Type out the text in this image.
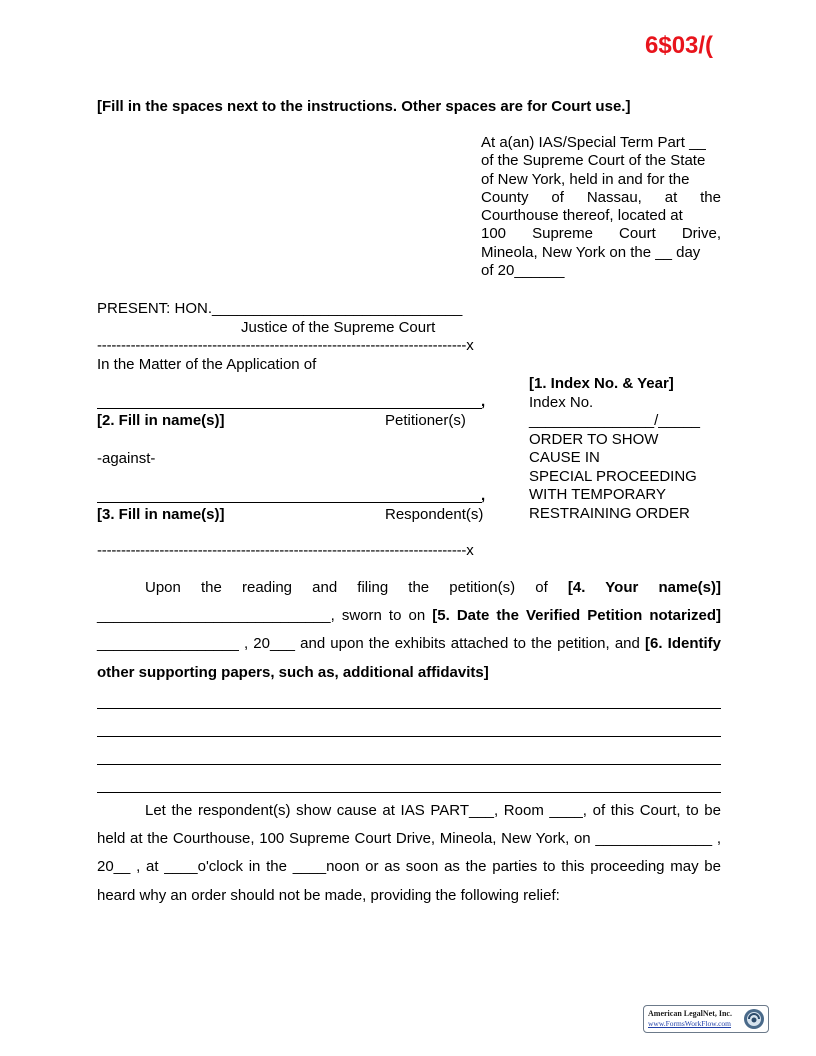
6$03/(
[Fill in the spaces next to the instructions. Other spaces are for Court use.]
At a(an) IAS/Special Term Part __
of the Supreme Court of the State
of New York, held in and for the
County of Nassau, at the
Courthouse thereof, located at
100 Supreme Court Drive,
Mineola, New York on the __ day
of 20______
PRESENT: HON.______________________________
Justice of the Supreme Court
-----------------------------------------------------------------------------x
In the Matter of the Application of
,
[2. Fill in name(s)]	Petitioner(s)
-against-
,
[3. Fill in name(s)]	Respondent(s)
-----------------------------------------------------------------------------x
[1. Index No. & Year]
Index No.
_______________/_____
ORDER TO SHOW
CAUSE IN
SPECIAL PROCEEDING
WITH TEMPORARY
RESTRAINING ORDER
Upon the reading and filing the petition(s) of [4. Your name(s)] ____________________________, sworn to on [5. Date the Verified Petition notarized] _________________ , 20___ and upon the exhibits attached to the petition, and [6. Identify other supporting papers, such as, additional affidavits]
Let the respondent(s) show cause at IAS PART___, Room ____, of this Court, to be held at the Courthouse, 100 Supreme Court Drive, Mineola, New York, on ______________ , 20__ , at ____o'clock in the ____noon or as soon as the parties to this proceeding may be heard why an order should not be made, providing the following relief:
American LegalNet, Inc.
www.FormsWorkFlow.com
